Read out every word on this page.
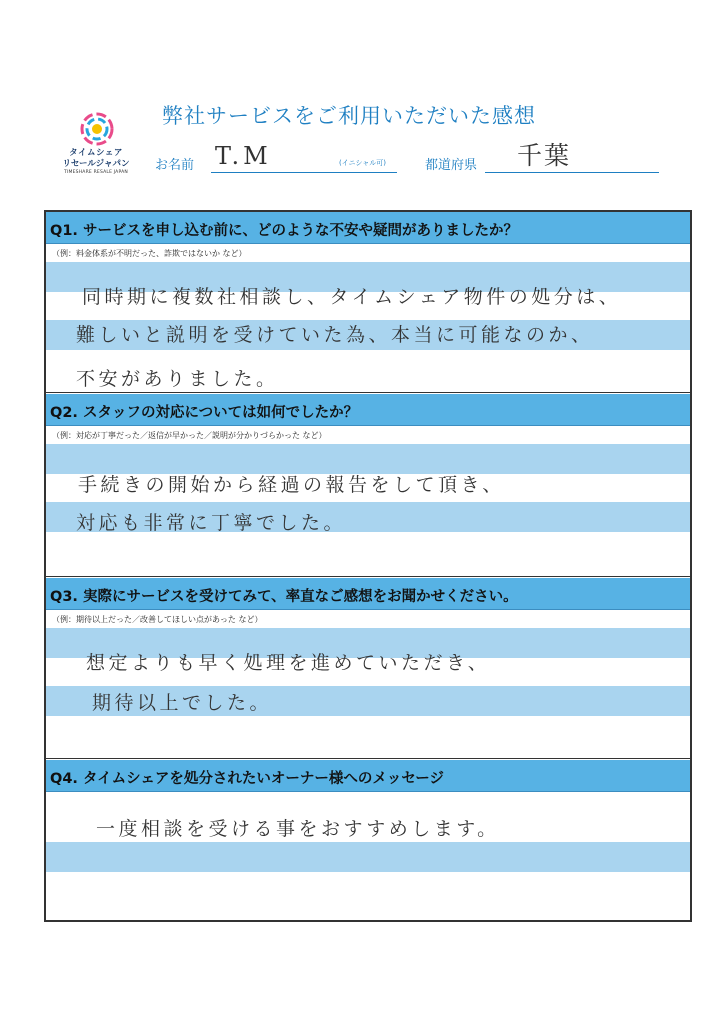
タイムシェア
リセールジャパン
TIMESHARE RESALE JAPAN
弊社サービスをご利用いただいた感想
お名前 T.M	(イニシャル可)	都道府県 千葉
Q1. サービスを申し込む前に、どのような不安や疑問がありましたか？
（例：料金体系が不明だった、詐欺ではないか など）
同時期に複数社相談し、タイムシェア物件の処分は、
難しいと説明を受けていた為、本当に可能なのか、
不安がありました。
Q2. スタッフの対応については如何でしたか？
（例：対応が丁寧だった／返信が早かった／説明が分かりづらかった など）
手続きの開始から経過の報告をして頂き、
対応も非常に丁寧でした。
Q3. 実際にサービスを受けてみて、率直なご感想をお聞かせください。
（例：期待以上だった／改善してほしい点があった など）
想定よりも早く処理を進めていただき、
期待以上でした。
Q4. タイムシェアを処分されたいオーナー様へのメッセージ
一度相談を受ける事をおすすめします。
